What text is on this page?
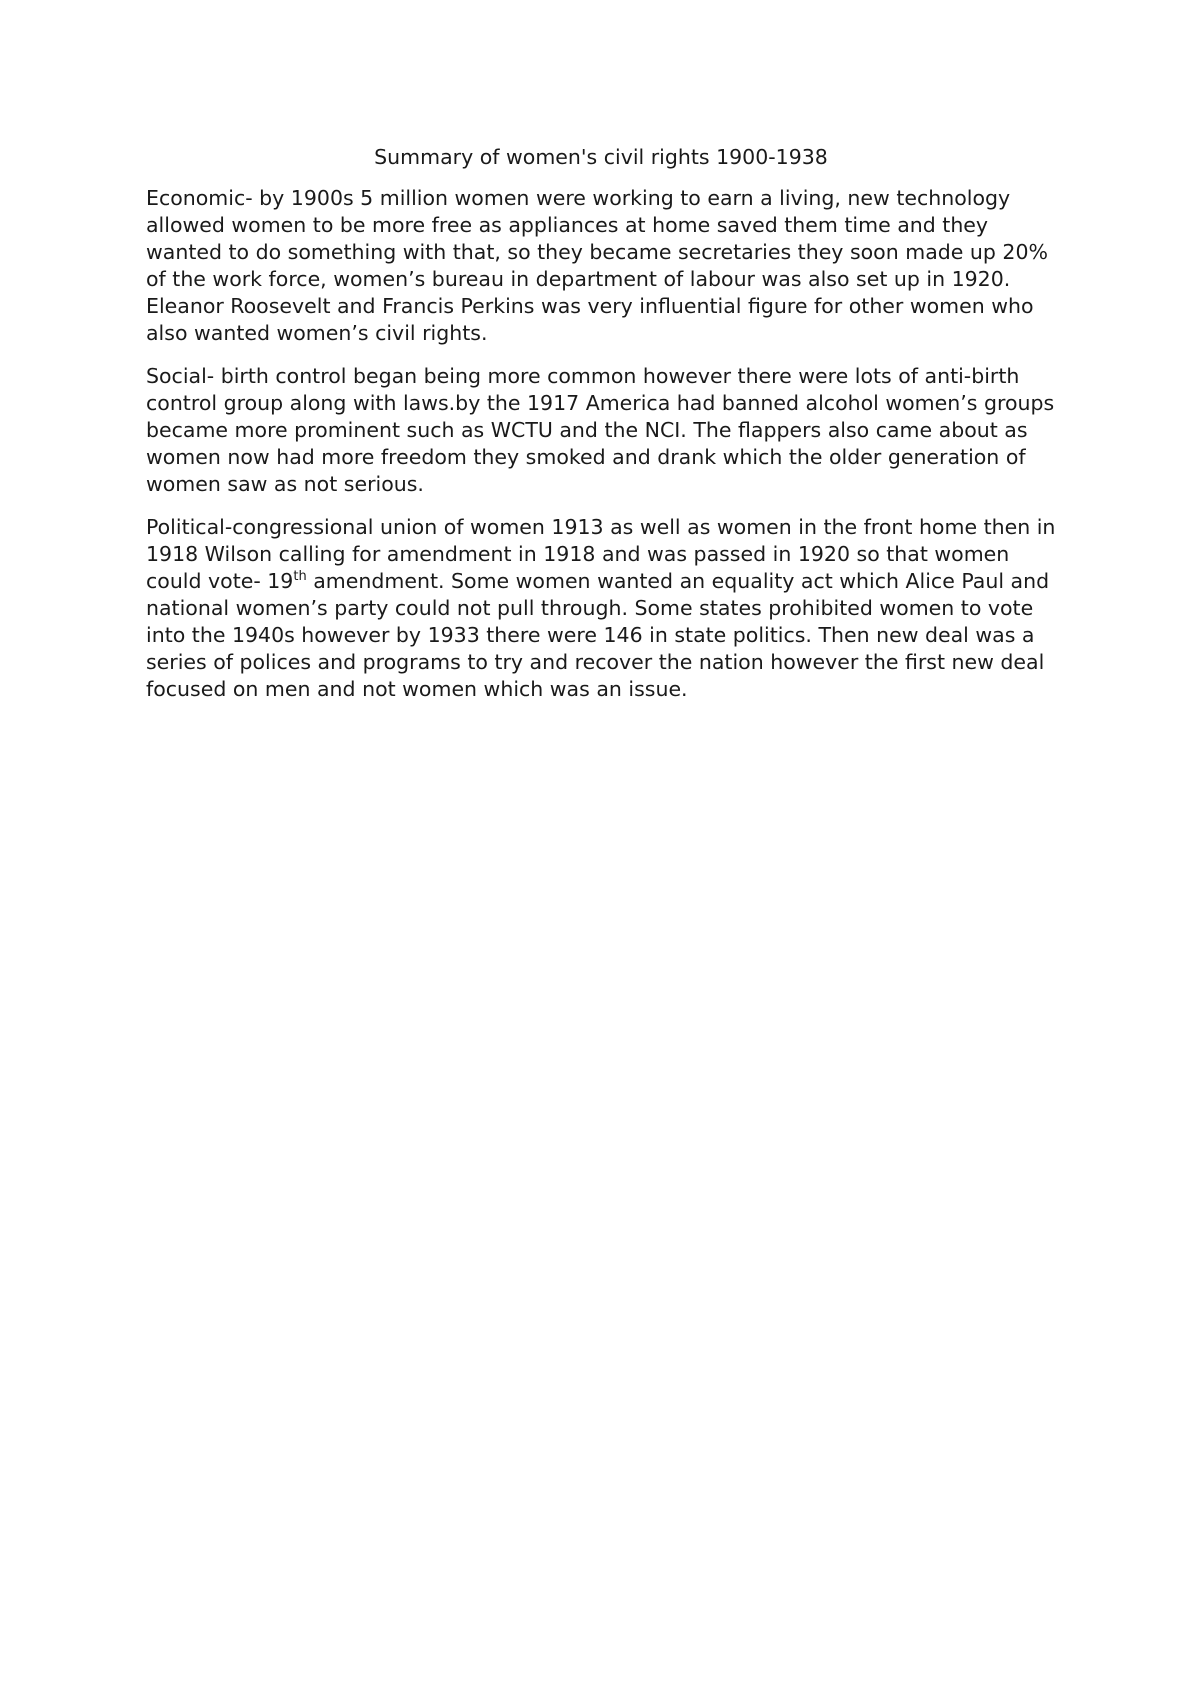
Summary of women's civil rights 1900-1938

Economic- by 1900s 5 million women were working to earn a living, new technology allowed women to be more free as appliances at home saved them time and they wanted to do something with that, so they became secretaries they soon made up 20% of the work force, women’s bureau in department of labour was also set up in 1920. Eleanor Roosevelt and Francis Perkins was very influential figure for other women who also wanted women’s civil rights.

Social- birth control began being more common however there were lots of anti-birth control group along with laws.by the 1917 America had banned alcohol women’s groups became more prominent such as WCTU and the NCI. The flappers also came about as women now had more freedom they smoked and drank which the older generation of women saw as not serious.

Political-congressional union of women 1913 as well as women in the front home then in 1918 Wilson calling for amendment in 1918 and was passed in 1920 so that women could vote- 19th amendment. Some women wanted an equality act which Alice Paul and national women’s party could not pull through. Some states prohibited women to vote into the 1940s however by 1933 there were 146 in state politics. Then new deal was a series of polices and programs to try and recover the nation however the first new deal focused on men and not women which was an issue.
